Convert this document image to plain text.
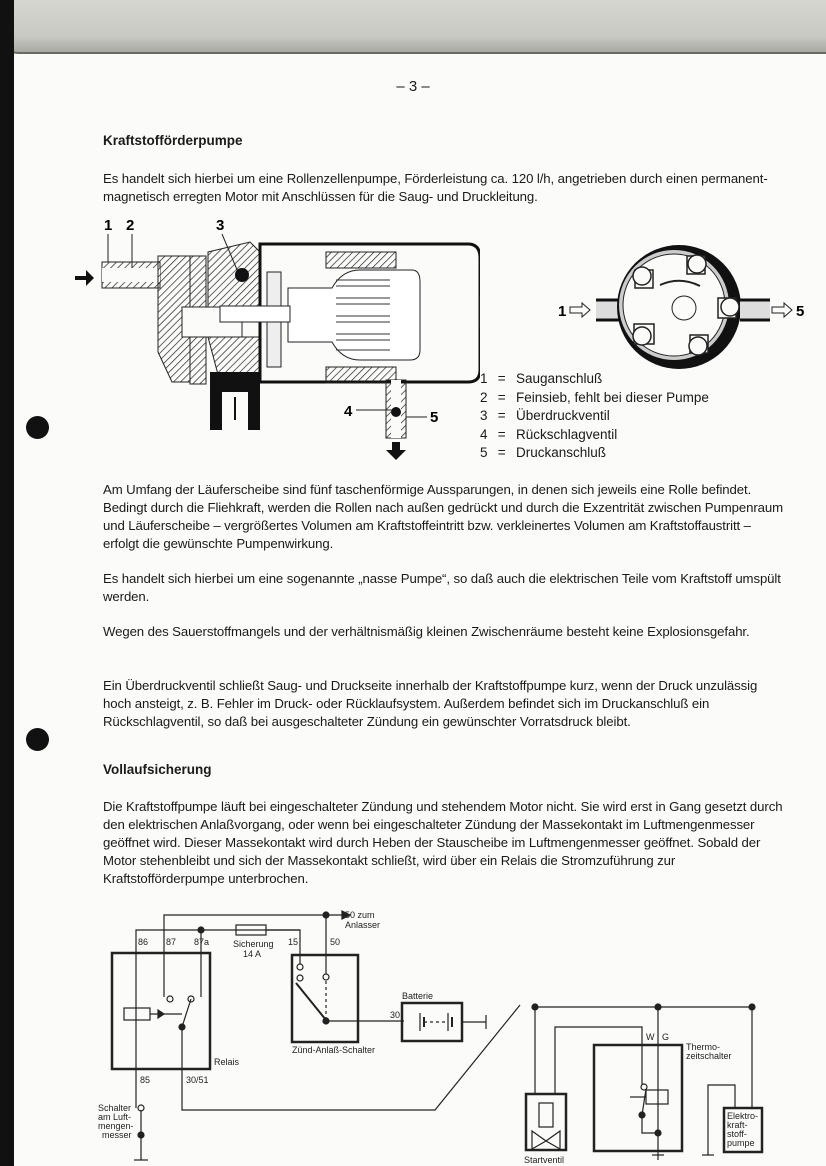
– 3 –
Kraftstofförderpumpe
Es handelt sich hierbei um eine Rollenzellenpumpe, Förderleistung ca. 120 l/h, angetrieben durch einen permanent-magnetisch erregten Motor mit Anschlüssen für die Saug- und Druckleitung.
1 2	3
4	5
1	5
1 = Sauganschluß
2 = Feinsieb, fehlt bei dieser Pumpe
3 = Überdruckventil
4 = Rückschlagventil
5 = Druckanschluß
Am Umfang der Läuferscheibe sind fünf taschenförmige Aussparungen, in denen sich jeweils eine Rolle befindet. Bedingt durch die Fliehkraft, werden die Rollen nach außen gedrückt und durch die Exzentrität zwischen Pumpenraum und Läuferscheibe – vergrößertes Volumen am Kraftstoffeintritt bzw. verkleinertes Volumen am Kraftstoffaustritt – erfolgt die gewünschte Pumpenwirkung.
Es handelt sich hierbei um eine sogenannte „nasse Pumpe“, so daß auch die elektrischen Teile vom Kraftstoff umspült werden.
Wegen des Sauerstoffmangels und der verhältnismäßig kleinen Zwischenräume besteht keine Explosionsgefahr.
Ein Überdruckventil schließt Saug- und Druckseite innerhalb der Kraftstoffpumpe kurz, wenn der Druck unzulässig hoch ansteigt, z. B. Fehler im Druck- oder Rücklaufsystem. Außerdem befindet sich im Druckanschluß ein Rückschlagventil, so daß bei ausgeschalteter Zündung ein gewünschter Vorratsdruck bleibt.
Vollaufsicherung
Die Kraftstoffpumpe läuft bei eingeschalteter Zündung und stehendem Motor nicht. Sie wird erst in Gang gesetzt durch den elektrischen Anlaßvorgang, oder wenn bei eingeschalteter Zündung der Massekontakt im Luftmengenmesser geöffnet wird. Dieser Massekontakt wird durch Heben der Stauscheibe im Luftmengenmesser geöffnet. Sobald der Motor stehenbleibt und sich der Massekontakt schließt, wird über ein Relais die Stromzuführung zur Kraftstofförderpumpe unterbrochen.
86 87 87a	Sicherung
14 A
50 zum
Anlasser
15	50
30
Batterie
Zünd-Anlaß-Schalter
Relais
85	30/51
Schalter
am Luft-
mengen-
messer
W G
Thermo-
zeitschalter
Startventil
Elektro-
kraft-
stoff-
pumpe
